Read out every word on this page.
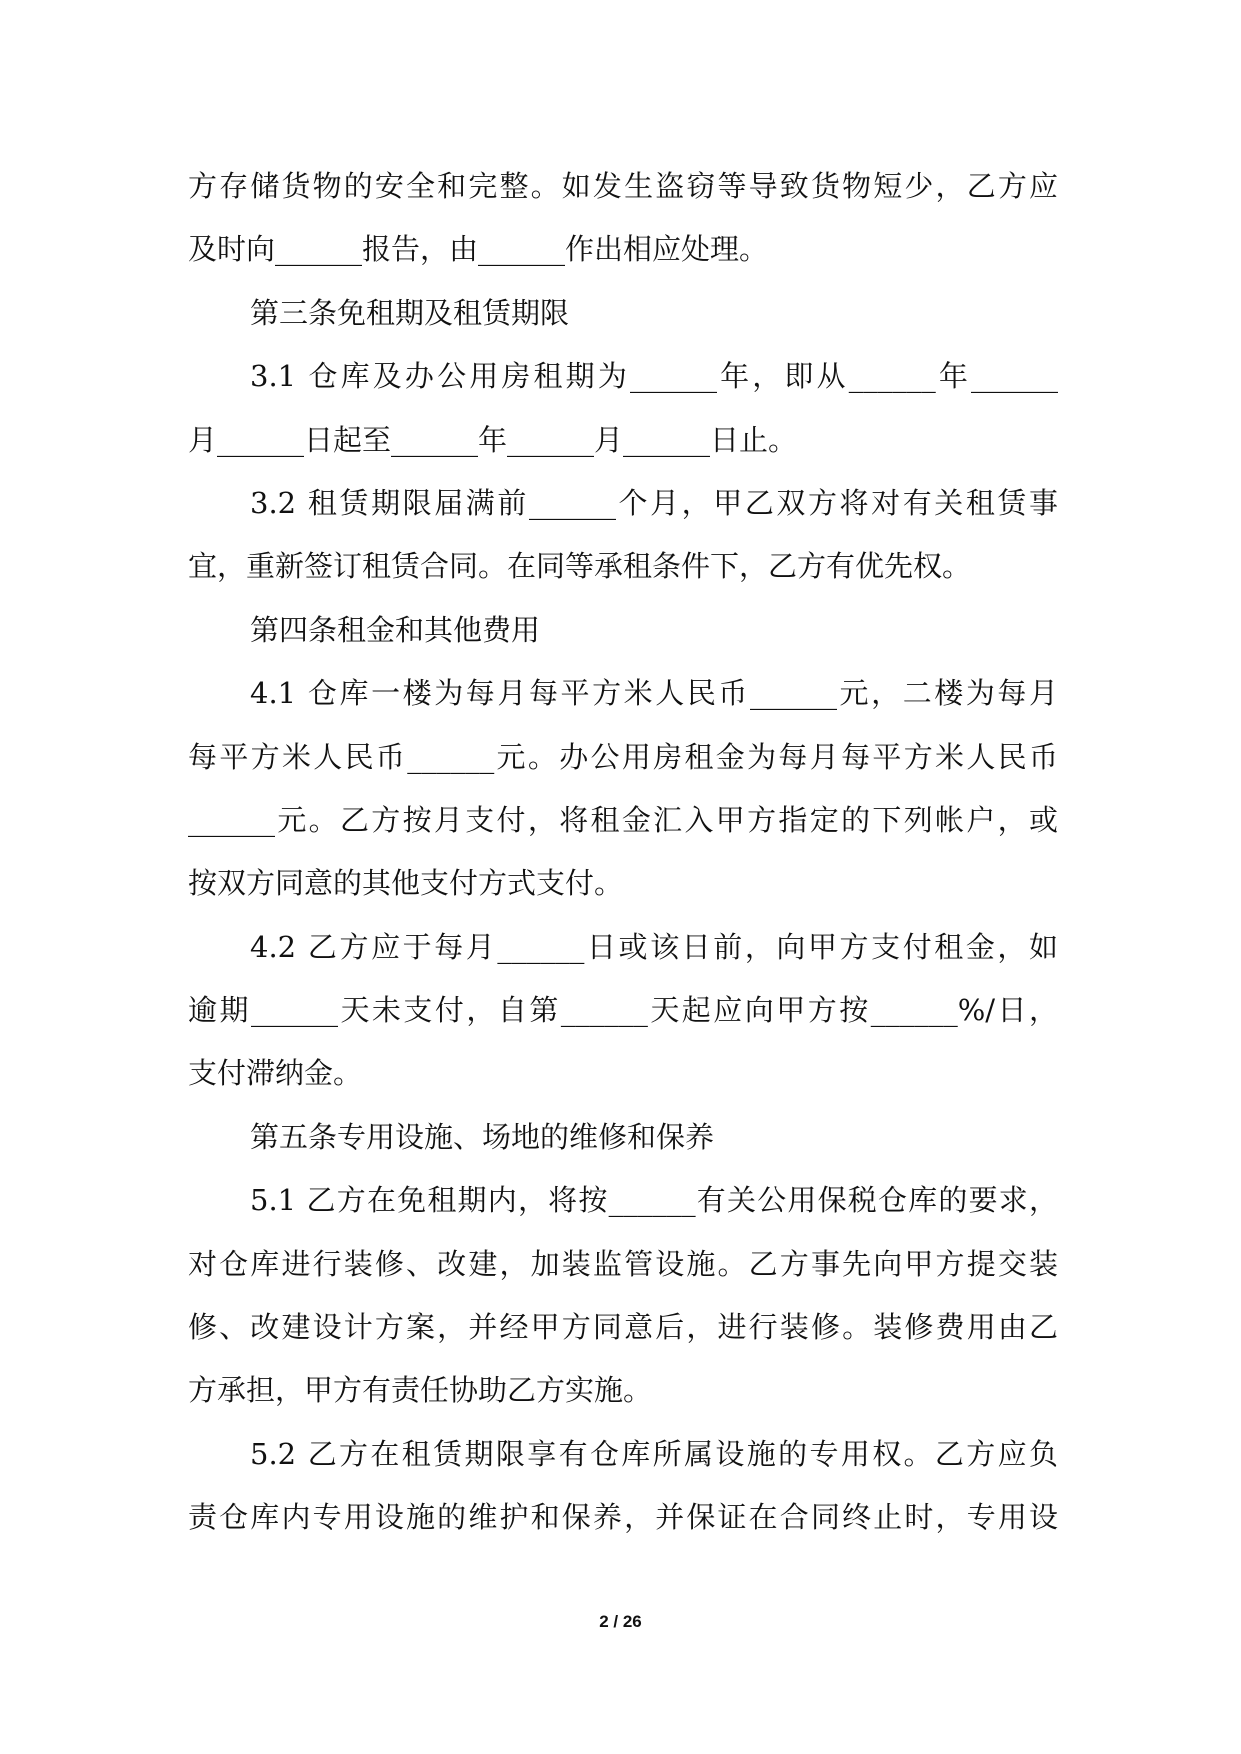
方存储货物的安全和完整。如发生盗窃等导致货物短少，乙方应
及时向______报告，由______作出相应处理。
第三条免租期及租赁期限
3.1 仓库及办公用房租期为______年，即从______年______
月______日起至______年______月______日止。
3.2 租赁期限届满前______个月，甲乙双方将对有关租赁事
宜，重新签订租赁合同。在同等承租条件下，乙方有优先权。
第四条租金和其他费用
4.1 仓库一楼为每月每平方米人民币______元，二楼为每月
每平方米人民币______元。办公用房租金为每月每平方米人民币
______元。乙方按月支付，将租金汇入甲方指定的下列帐户，或
按双方同意的其他支付方式支付。
4.2 乙方应于每月______日或该日前，向甲方支付租金，如
逾期______天未支付，自第______天起应向甲方按______%/日，
支付滞纳金。
第五条专用设施、场地的维修和保养
5.1 乙方在免租期内，将按______有关公用保税仓库的要求，
对仓库进行装修、改建，加装监管设施。乙方事先向甲方提交装
修、改建设计方案，并经甲方同意后，进行装修。装修费用由乙
方承担，甲方有责任协助乙方实施。
5.2 乙方在租赁期限享有仓库所属设施的专用权。乙方应负
责仓库内专用设施的维护和保养，并保证在合同终止时，专用设
2 / 26
